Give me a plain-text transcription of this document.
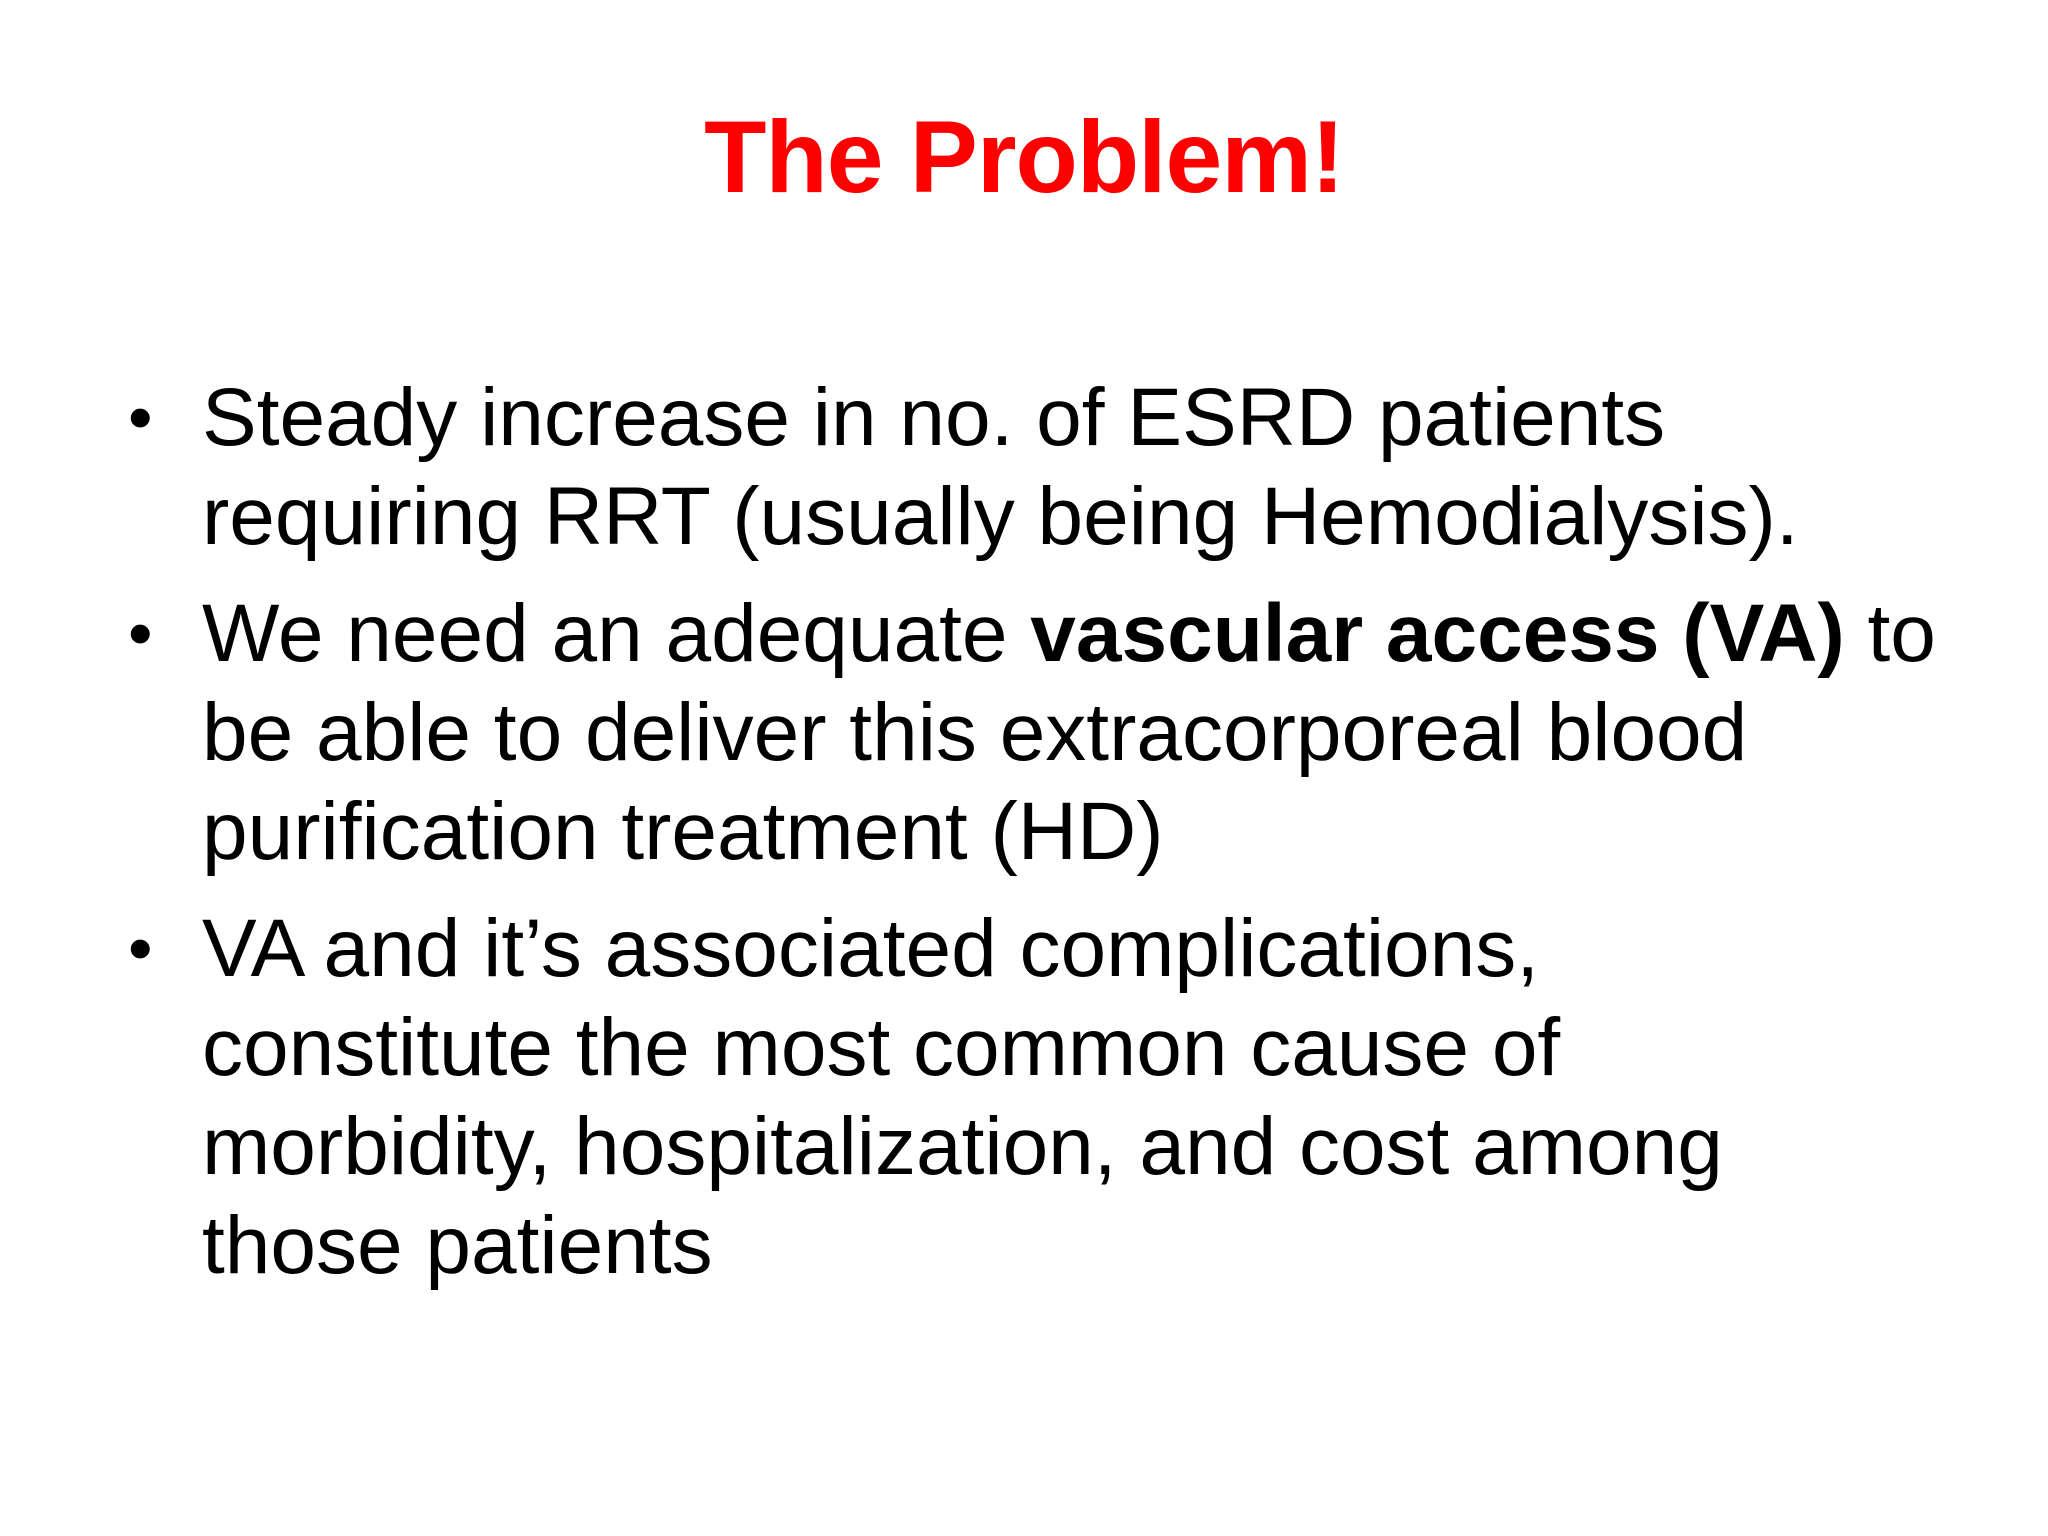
The Problem!
• Steady increase in no. of ESRD patients
requiring RRT (usually being Hemodialysis).
• We need an adequate vascular access (VA) to
be able to deliver this extracorporeal blood
purification treatment (HD)
• VA and it’s associated complications,
constitute the most common cause of
morbidity, hospitalization, and cost among
those patients
